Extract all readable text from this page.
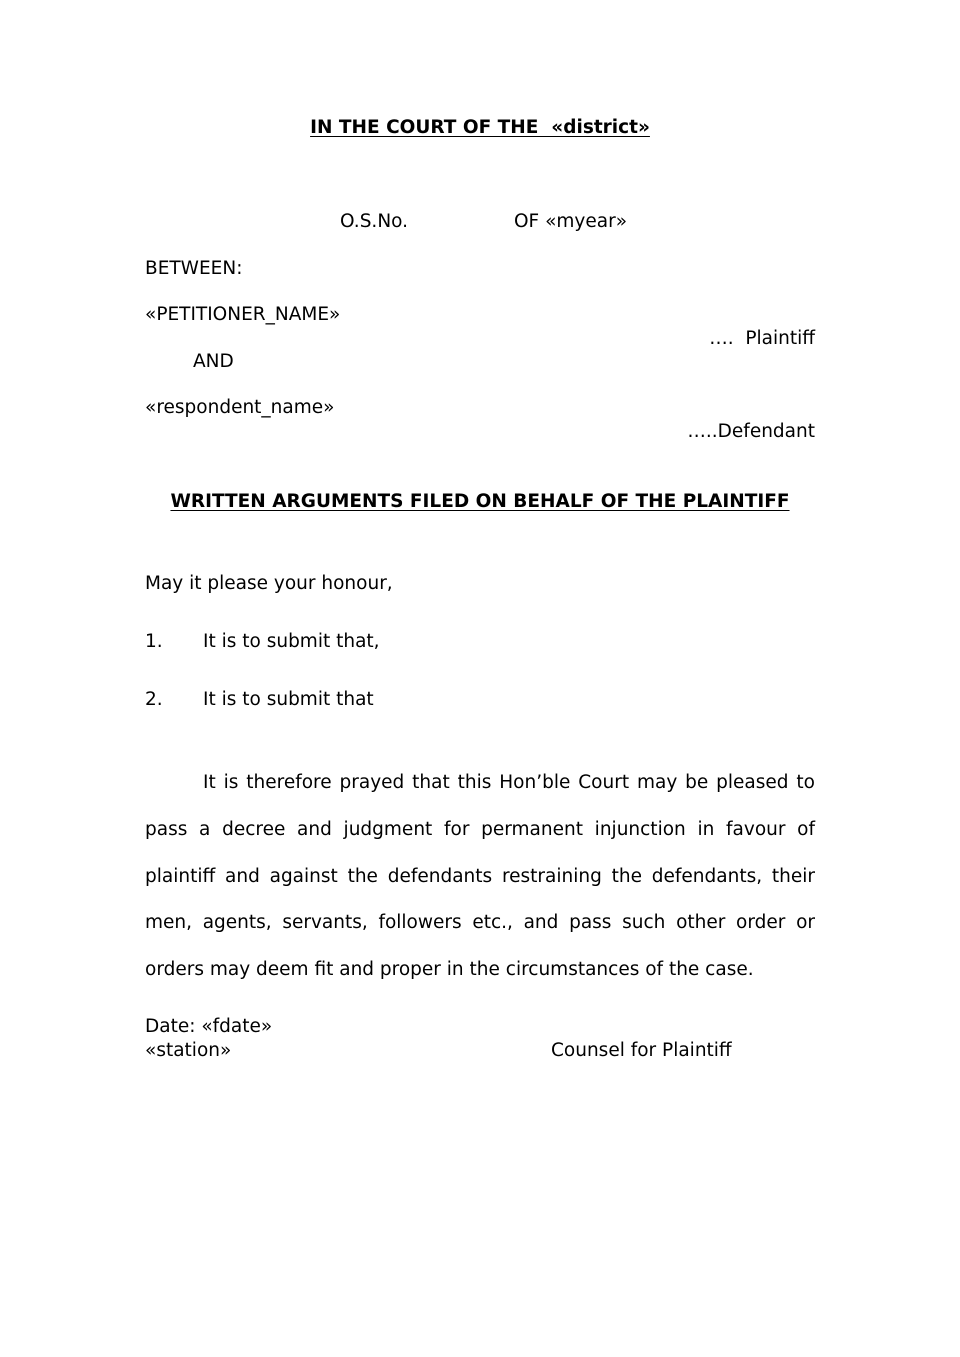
IN THE COURT OF THE  «district»
O.S.No.	OF «myear»
BETWEEN:
«PETITIONER_NAME»
….  Plaintiff
AND
«respondent_name»
…..Defendant
WRITTEN ARGUMENTS FILED ON BEHALF OF THE PLAINTIFF
May it please your honour,
1. It is to submit that,
2. It is to submit that
It is therefore prayed that this Hon’ble Court may be pleased to pass a decree and judgment for permanent injunction in favour of plaintiff and against the defendants restraining the defendants, their men, agents, servants, followers etc., and pass such other order or orders may deem fit and proper in the circumstances of the case.
Date: «fdate»
«station»	Counsel for Plaintiff
